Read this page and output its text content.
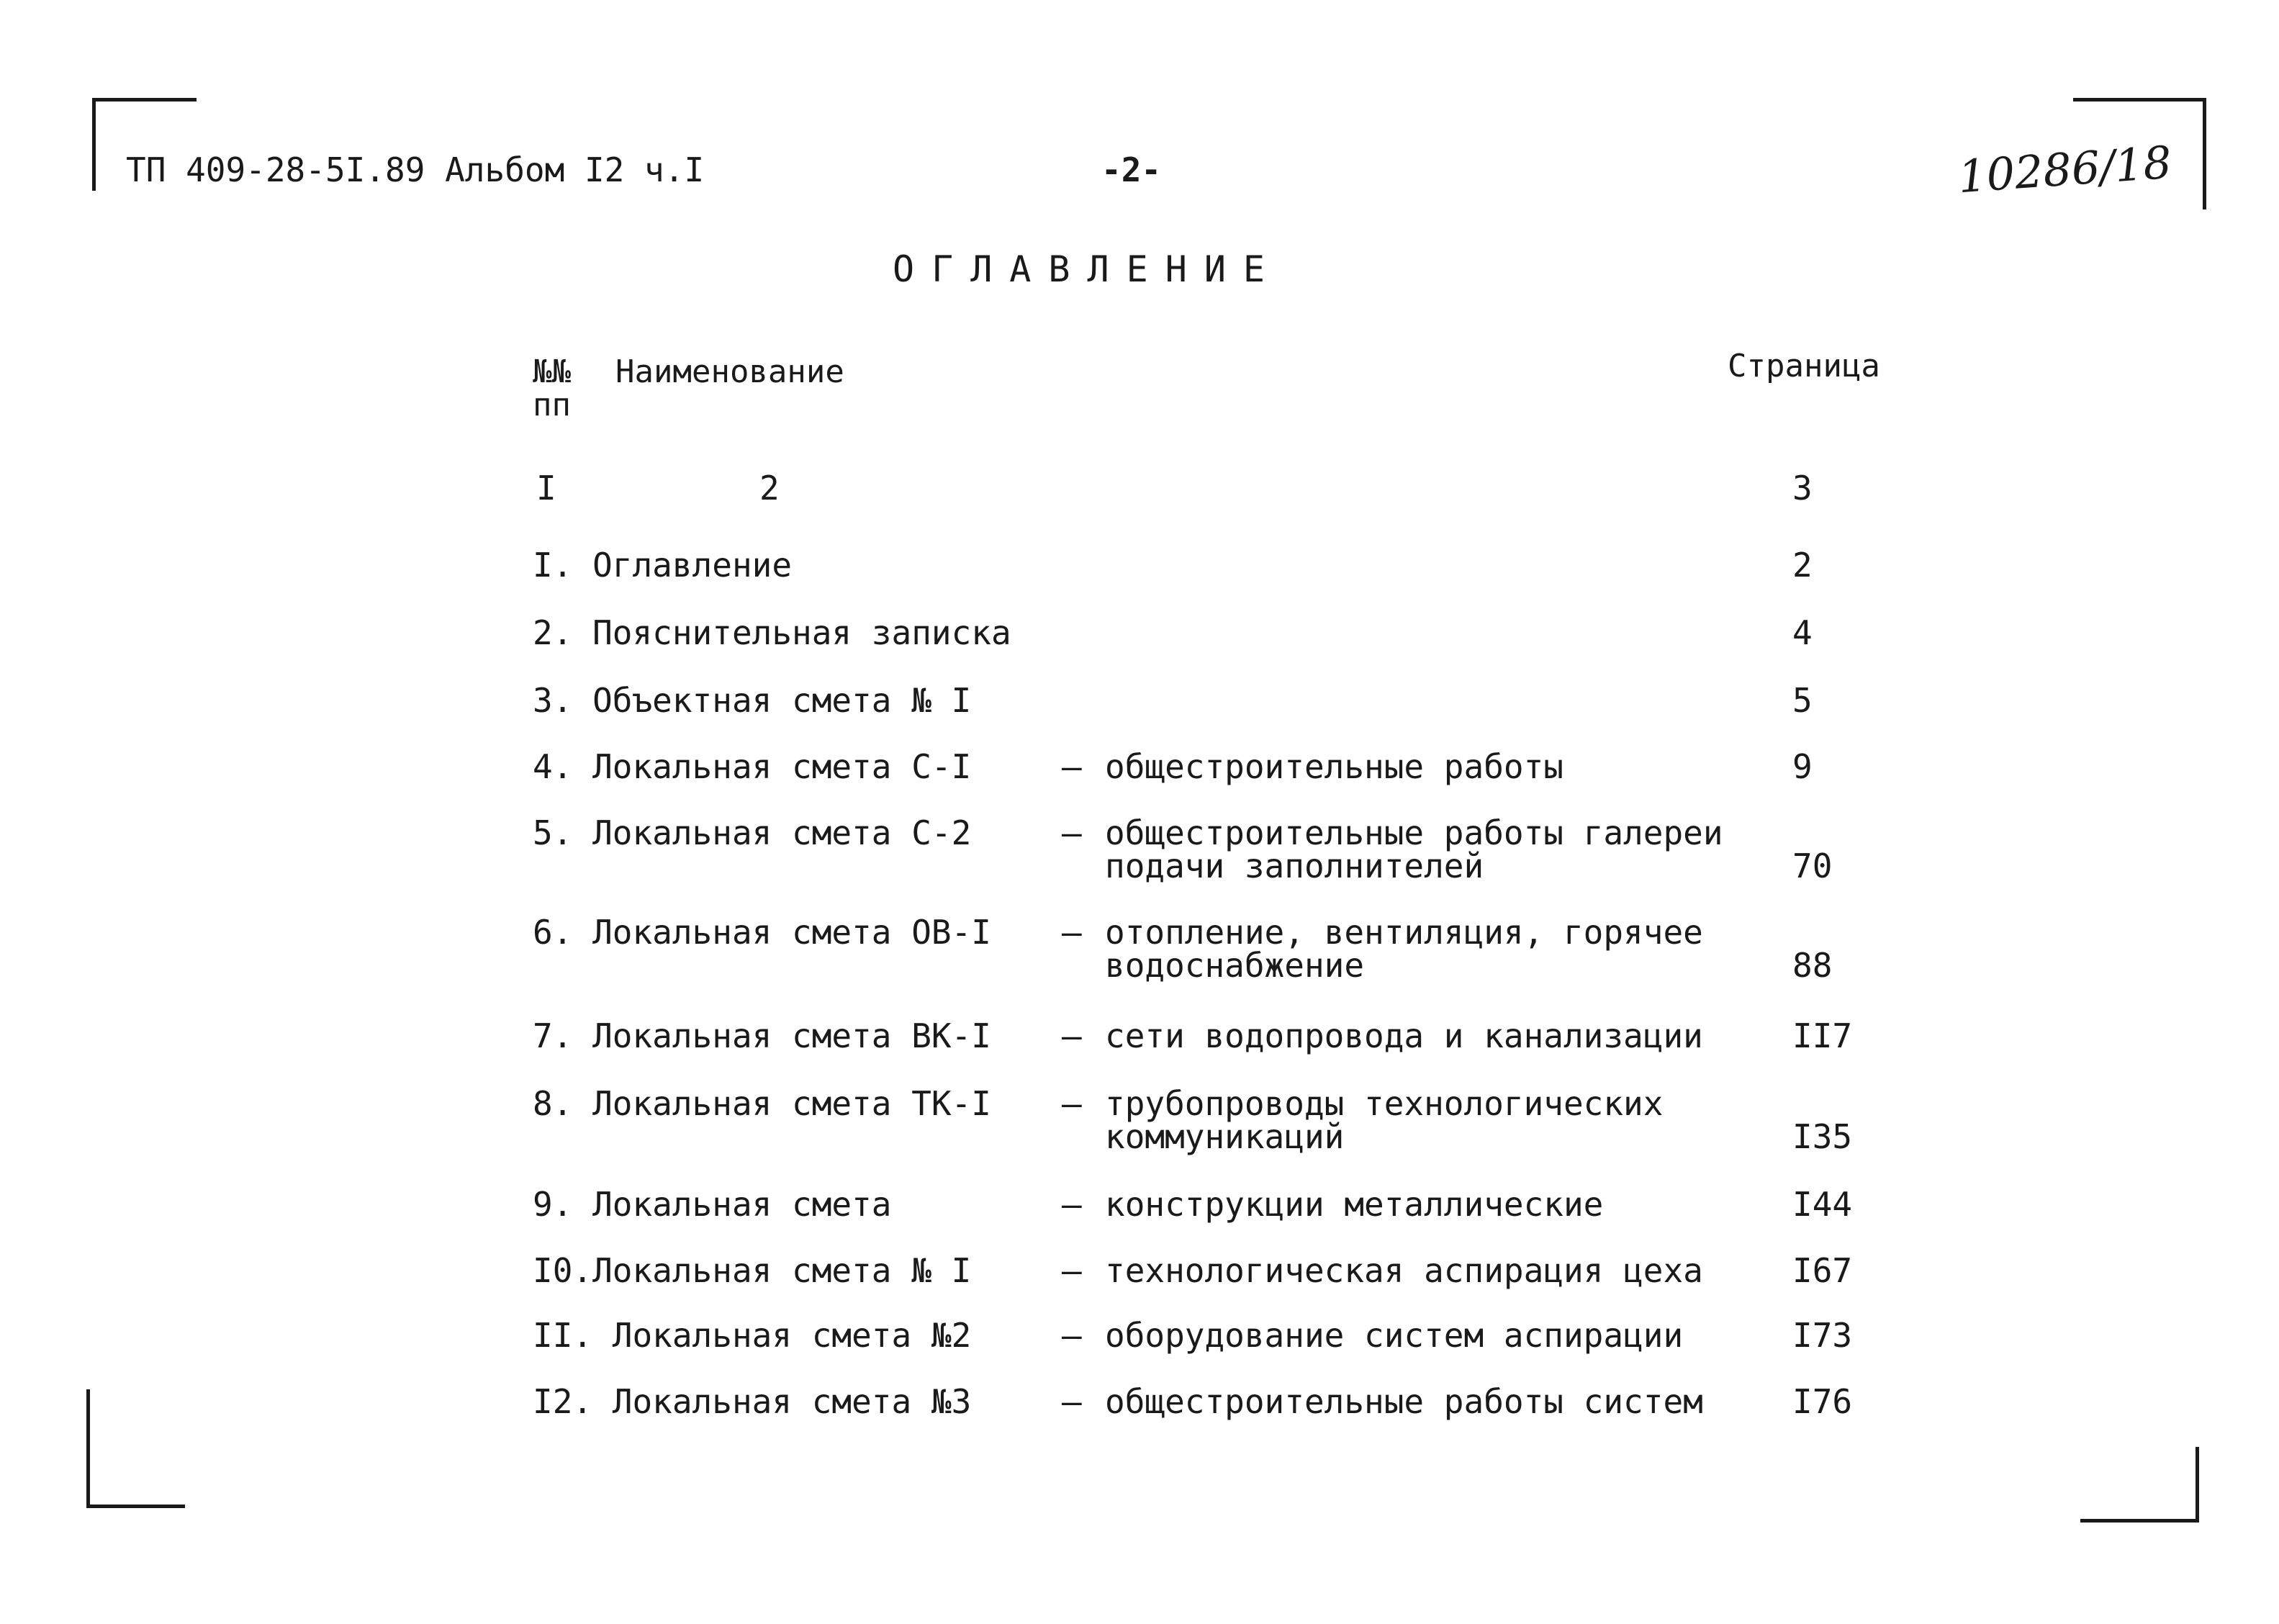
ТП 409-28-5I.89 Альбом I2 ч.I	-2-	10286/18
ОГЛАВЛЕНИЕ
№№
пп
Наименование	Страница
I	2	3
I. Оглавление	2
2. Пояснительная записка	4
3. Объектная смета № I	5
4. Локальная смета С-I	– общестроительные работы	9
5. Локальная смета С-2	– общестроительные работы галереи подачи заполнителей	70
6. Локальная смета ОВ-I – отопление, вентиляция, горячее водоснабжение	88
7. Локальная смета ВК-I – сети водопровода и канализации	II7
8. Локальная смета ТК-I – трубопроводы технологических коммуникаций	I35
9. Локальная смета	– конструкции металлические	I44
I0.Локальная смета № I	– технологическая аспирация цеха	I67
II. Локальная смета №2	– оборудование систем аспирации	I73
I2. Локальная смета №3	– общестроительные работы систем	I76
